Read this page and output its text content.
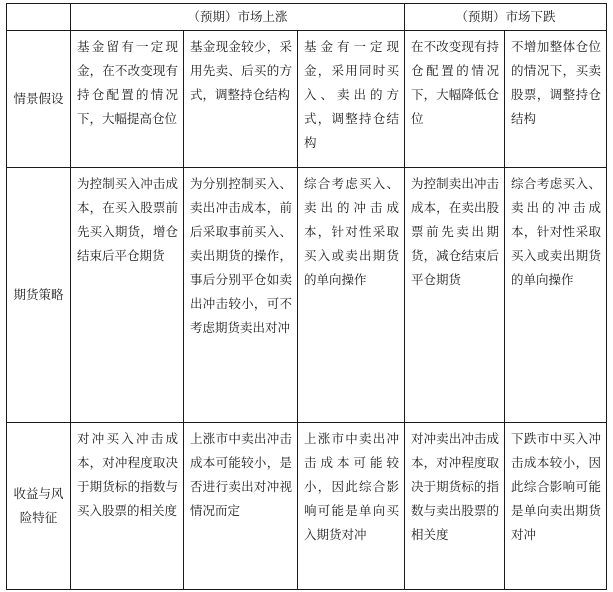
	（预期）市场上涨			（预期）市场下跌	
情景假设	基金留有一定现金，在不改变现有持仓配置的情况下，大幅提高仓位	基金现金较少，采用先卖、后买的方式，调整持仓结构	基金有一定现金，采用同时买入、卖出的方式，调整持仓结构	在不改变现有持仓配置的情况下，大幅降低仓位	不增加整体仓位的情况下，买卖股票，调整持仓结构
期货策略	为控制买入冲击成本，在买入股票前先买入期货，增仓结束后平仓期货	为分别控制买入、卖出冲击成本，前后采取事前买入、卖出期货的操作，事后分别平仓如卖出冲击较小，可不考虑期货卖出对冲	综合考虑买入、卖出的冲击成本，针对性采取买入或卖出期货的单向操作	为控制卖出冲击成本，在卖出股票前先卖出期货，减仓结束后平仓期货	综合考虑买入、卖出的冲击成本，针对性采取买入或卖出期货的单向操作
收益与风险特征	对冲买入冲击成本，对冲程度取决于期货标的指数与买入股票的相关度	上涨市中卖出冲击成本可能较小，是否进行卖出对冲视情况而定	上涨市中卖出冲击成本可能较小，因此综合影响可能是单向买入期货对冲	对冲卖出冲击成本，对冲程度取决于期货标的指数与卖出股票的相关度	下跌市中买入冲击成本较小，因此综合影响可能是单向卖出期货对冲
